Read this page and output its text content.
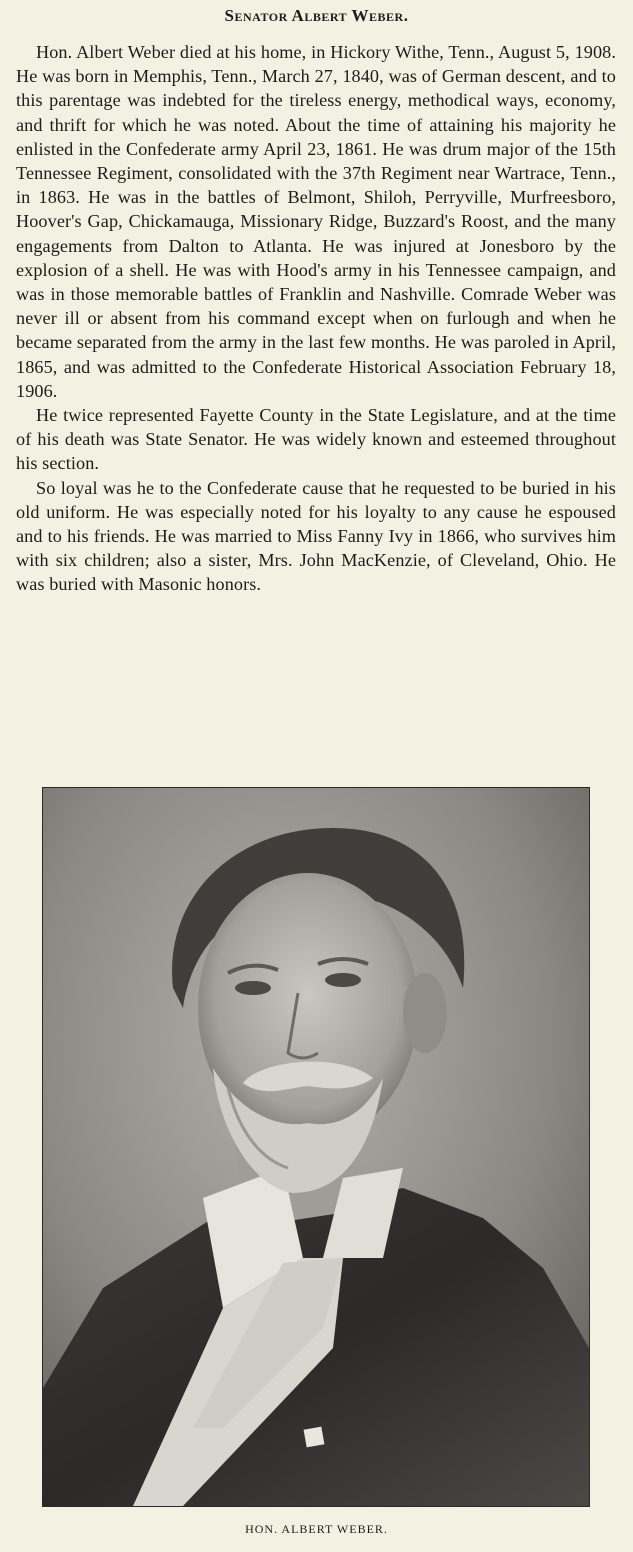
Senator Albert Weber.

Hon. Albert Weber died at his home, in Hickory Withe, Tenn., August 5, 1908. He was born in Memphis, Tenn., March 27, 1840, was of German descent, and to this parentage was indebted for the tireless energy, methodical ways, economy, and thrift for which he was noted. About the time of attaining his majority he enlisted in the Confederate army April 23, 1861. He was drum major of the 15th Tennessee Regiment, consolidated with the 37th Regiment near Wartrace, Tenn., in 1863. He was in the battles of Belmont, Shiloh, Perryville, Murfreesboro, Hoover's Gap, Chickamauga, Missionary Ridge, Buzzard's Roost, and the many engagements from Dalton to Atlanta. He was injured at Jonesboro by the explosion of a shell. He was with Hood's army in his Tennessee campaign, and was in those memorable battles of Franklin and Nashville. Comrade Weber was never ill or absent from his command except when on furlough and when he became separated from the army in the last few months. He was paroled in April, 1865, and was admitted to the Confederate Historical Association February 18, 1906.

He twice represented Fayette County in the State Legislature, and at the time of his death was State Senator. He was widely known and esteemed throughout his section.

So loyal was he to the Confederate cause that he requested to be buried in his old uniform. He was especially noted for his loyalty to any cause he espoused and to his friends. He was married to Miss Fanny Ivy in 1866, who survives him with six children; also a sister, Mrs. John MacKenzie, of Cleveland, Ohio. He was buried with Masonic honors.

HON. ALBERT WEBER.
